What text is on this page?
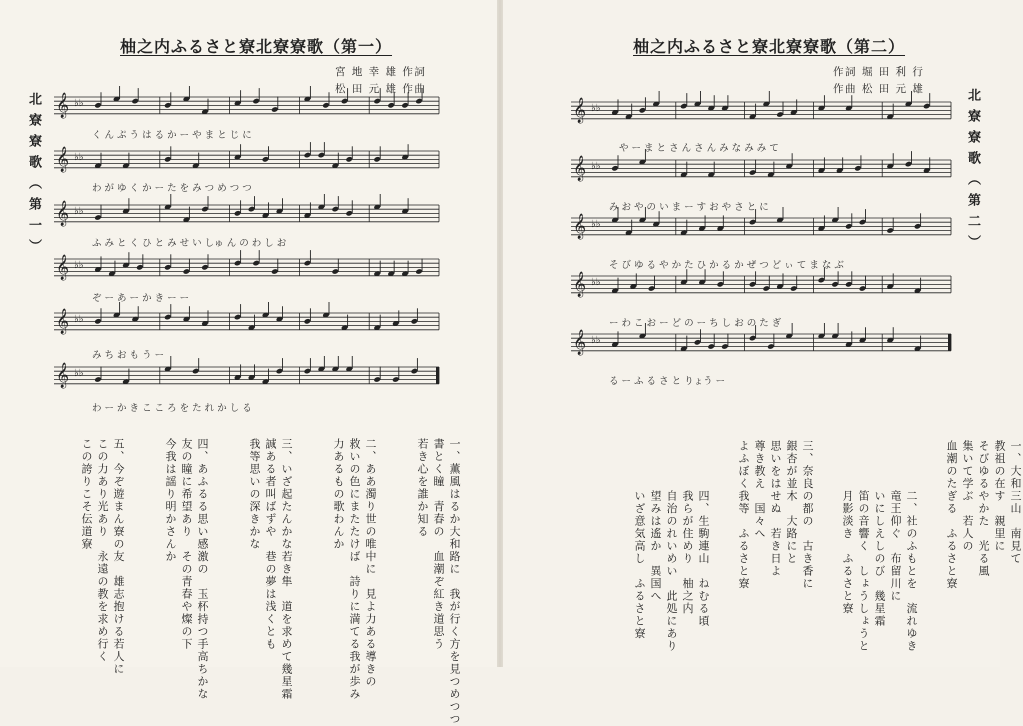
柚之内ふるさと寮北寮寮歌（第一）
宮 地 幸 雄 作詞
松 田 元 雄 作曲
北寮寮歌（第一） 𝄞 ♭♭
𝄞 ♭♭
𝄞 ♭♭
𝄞 ♭♭
𝄞 ♭♭
𝄞 ♭♭
く ん ぷ う は る か ー や ま と じ に
わ が ゆ く か ー た を み つ め つ つ
ふ み と く ひ と み せ い しゅ ん の わ し お
ぞ ー あ ー か き ー ー
み ち お も う ー
わ ー か き こ こ ろ を た れ か し る
一、薫風はるか大和路に　我が行く方を見つめつつ
書とく瞳　青春の　血潮ぞ紅き道思う
若き心を誰か知る
二、ああ濁り世の唯中に　見よ力ある導きの
救いの色にまたたけば　詩りに満てる我が歩み
力あるもの歌わんか
三、いざ起たんかな若き隼　道を求めて幾星霜
誠ある者叫ばずや　巷の夢は浅くとも
我等思いの深きかな
四、あふるる思い感激の　玉杯持つ手高ちかな
友の瞳に希望あり　その青春や燦の下
今我は謡り明かさんか
五、今ぞ遊まん寮の友　雄志抱ける若人に
この力あり光あり　永遠の教を求め行く
この誇りこそ伝道寮
柚之内ふるさと寮北寮寮歌（第二）
作詞 堀 田 利 行
作曲 松 田 元 雄	北寮寮歌（第二）
𝄞 ♭♭
𝄞 ♭♭
𝄞 ♭♭
𝄞 ♭♭
𝄞 ♭♭
や ー ま と さ ん さ ん み な み み て
み お や の い ま ー す お や さ と に
そ び ゆ る や か た ひ か る か ぜ つ ど ぃ て ま な ぶ
ー わ こ お ー ど の ー ち し お の た ぎ
る ー ふ る さ と りょう ー
一、大和三山　南見て
教祖の在す　親里に
そびゆるやかた　光る風
集いて学ぶ　若人の
血潮のたぎる　ふるさと寮
二、社のふもとを　流れゆき
竜王仰ぐ　布留川に
いにしえしのび　幾星霜
笛の音響く　しょうしょうと
月影淡き　ふるさと寮
三、奈良の都の　古き香に
銀杏が並木　大路にと
思いをはせぬ　若き日よ
尊き教え　国々へ
よふぼく我等　ふるさと寮
四、生駒連山　ねむる頃
我らが住めり　柚之内
自治のれいめい　此処にあり
望みは遙か　異国へ
いざ意気高し　ふるさと寮
